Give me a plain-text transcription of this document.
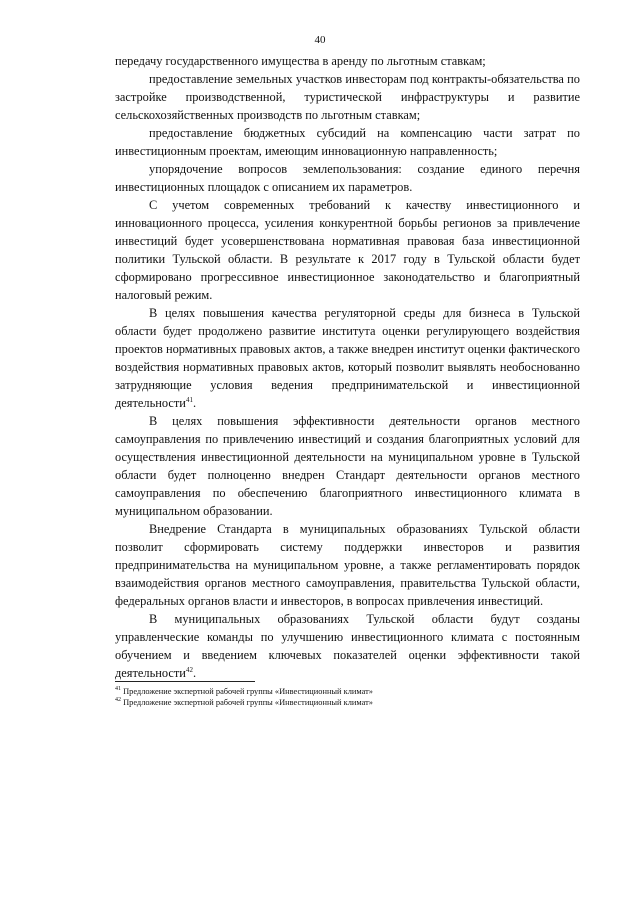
40

передачу государственного имущества в аренду по льготным ставкам;

предоставление земельных участков инвесторам под контракты-обязательства по застройке производственной, туристической инфраструктуры и развитие сельскохозяйственных производств по льготным ставкам;

предоставление бюджетных субсидий на компенсацию части затрат по инвестиционным проектам, имеющим инновационную направленность;

упорядочение вопросов землепользования: создание единого перечня инвестиционных площадок с описанием их параметров.

С учетом современных требований к качеству инвестиционного и инновационного процесса, усиления конкурентной борьбы регионов за привлечение инвестиций будет усовершенствована нормативная правовая база инвестиционной политики Тульской области. В результате к 2017 году в Тульской области будет сформировано прогрессивное инвестиционное законодательство и благоприятный налоговый режим.

В целях повышения качества регуляторной среды для бизнеса в Тульской области будет продолжено развитие института оценки регулирующего воздействия проектов нормативных правовых актов, а также внедрен институт оценки фактического воздействия нормативных правовых актов, который позволит выявлять необоснованно затрудняющие условия ведения предпринимательской и инвестиционной деятельности$^{41}$.

В целях повышения эффективности деятельности органов местного самоуправления по привлечению инвестиций и создания благоприятных условий для осуществления инвестиционной деятельности на муниципальном уровне в Тульской области будет полноценно внедрен Стандарт деятельности органов местного самоуправления по обеспечению благоприятного инвестиционного климата в муниципальном образовании.

Внедрение Стандарта в муниципальных образованиях Тульской области позволит сформировать систему поддержки инвесторов и развития предпринимательства на муниципальном уровне, а также регламентировать порядок взаимодействия органов местного самоуправления, правительства Тульской области, федеральных органов власти и инвесторов, в вопросах привлечения инвестиций.

В муниципальных образованиях Тульской области будут созданы управленческие команды по улучшению инвестиционного климата с постоянным обучением и введением ключевых показателей оценки эффективности такой деятельности$^{42}$.

$^{41}$ Предложение экспертной рабочей группы «Инвестиционный климат»

$^{42}$ Предложение экспертной рабочей группы «Инвестиционный климат»
